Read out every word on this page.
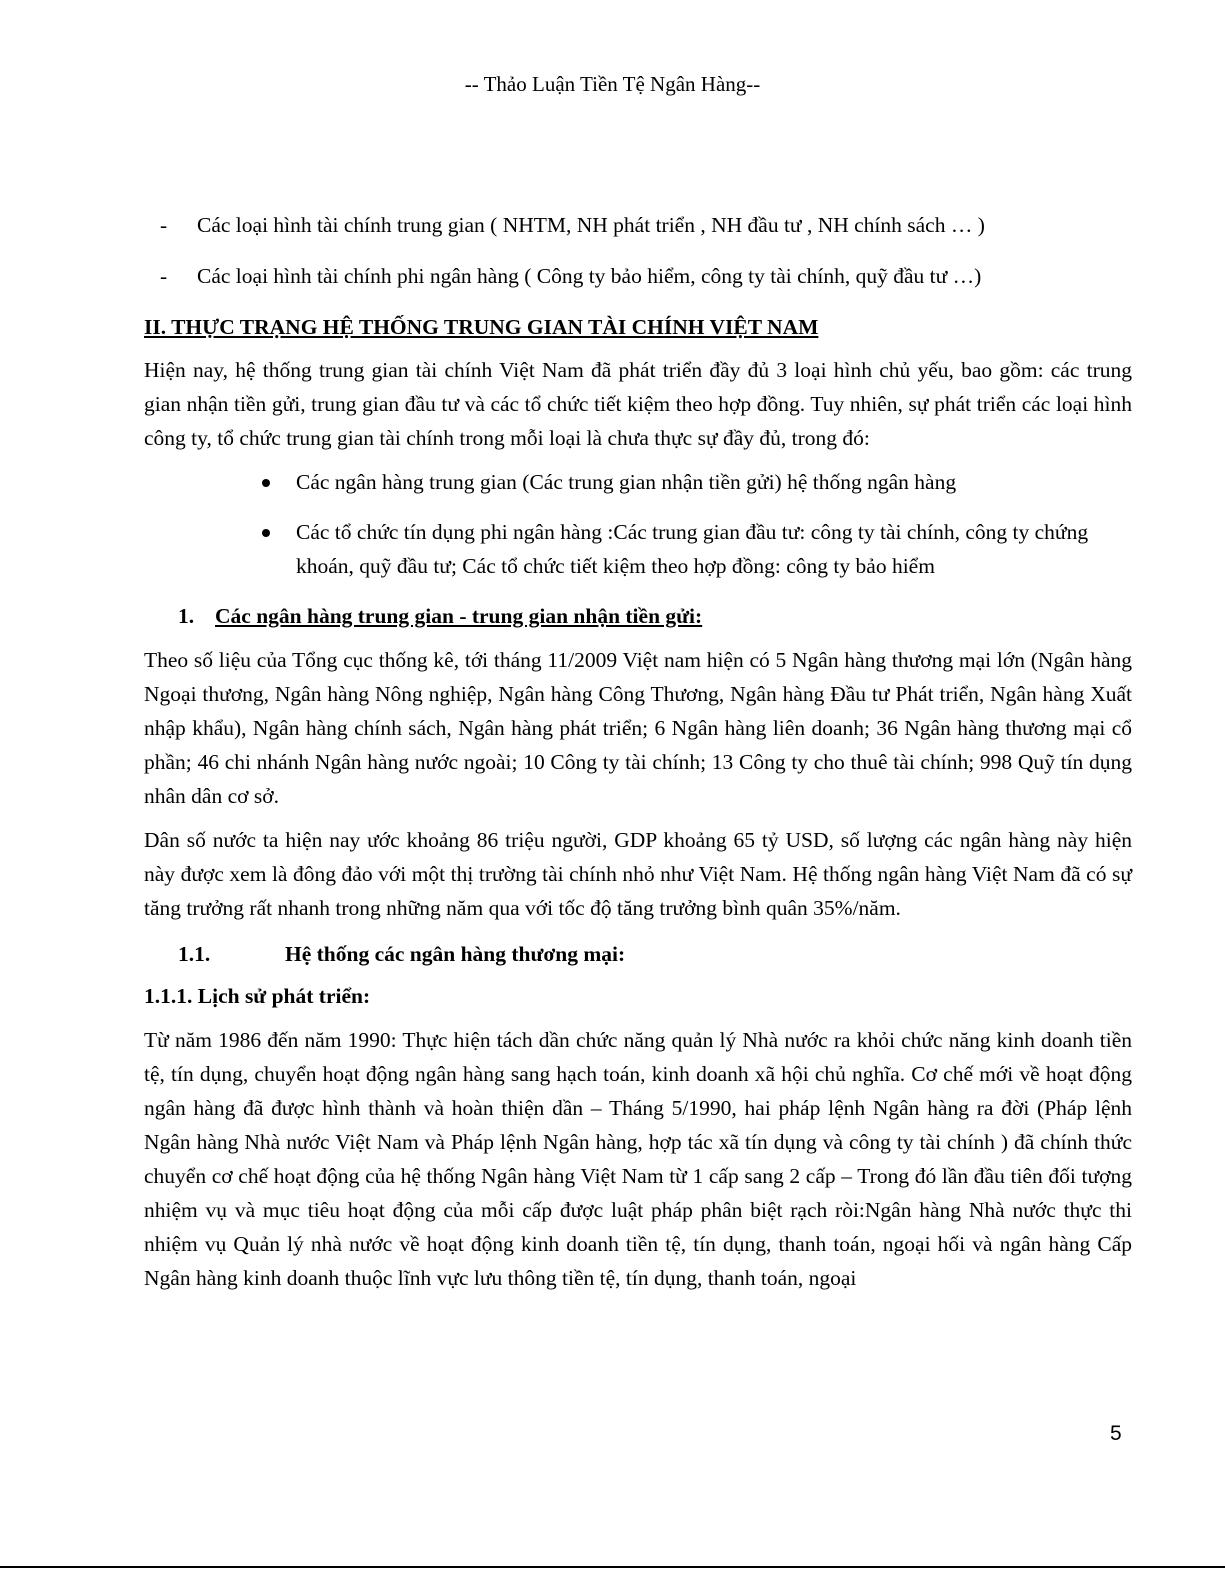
-- Thảo Luận Tiền Tệ Ngân Hàng--
- Các loại hình tài chính trung gian ( NHTM, NH phát triển , NH đầu tư , NH chính sách … )
- Các loại hình tài chính phi ngân hàng ( Công ty bảo hiểm, công ty tài chính, quỹ đầu tư …)
II. THỰC TRẠNG HỆ THỐNG TRUNG GIAN TÀI CHÍNH VIỆT NAM

Hiện nay, hệ thống trung gian tài chính Việt Nam đã phát triển đầy đủ 3 loại hình chủ yếu, bao gồm: các trung gian nhận tiền gửi, trung gian đầu tư và các tổ chức tiết kiệm theo hợp đồng. Tuy nhiên, sự phát triển các loại hình công ty, tổ chức trung gian tài chính trong mỗi loại là chưa thực sự đầy đủ, trong đó:

Các ngân hàng trung gian (Các trung gian nhận tiền gửi) hệ thống ngân hàng
Các tổ chức tín dụng phi ngân hàng :Các trung gian đầu tư: công ty tài chính, công ty chứng khoán, quỹ đầu tư; Các tổ chức tiết kiệm theo hợp đồng: công ty bảo hiểm
1. Các ngân hàng trung gian - trung gian nhận tiền gửi:

Theo số liệu của Tổng cục thống kê, tới tháng 11/2009 Việt nam hiện có 5 Ngân hàng thương mại lớn (Ngân hàng Ngoại thương, Ngân hàng Nông nghiệp, Ngân hàng Công Thương, Ngân hàng Đầu tư Phát triển, Ngân hàng Xuất nhập khẩu), Ngân hàng chính sách, Ngân hàng phát triển; 6 Ngân hàng liên doanh; 36 Ngân hàng thương mại cổ phần; 46 chi nhánh Ngân hàng nước ngoài; 10 Công ty tài chính; 13 Công ty cho thuê tài chính; 998 Quỹ tín dụng nhân dân cơ sở.

Dân số nước ta hiện nay ước khoảng 86 triệu người, GDP khoảng 65 tỷ USD, số lượng các ngân hàng này hiện này được xem là đông đảo với một thị trường tài chính nhỏ như Việt Nam. Hệ thống ngân hàng Việt Nam đã có sự tăng trưởng rất nhanh trong những năm qua với tốc độ tăng trưởng bình quân 35%/năm.

1.1.	Hệ thống các ngân hàng thương mại:
1.1.1. Lịch sử phát triển:

Từ năm 1986 đến năm 1990: Thực hiện tách dần chức năng quản lý Nhà nước ra khỏi chức năng kinh doanh tiền tệ, tín dụng, chuyển hoạt động ngân hàng sang hạch toán, kinh doanh xã hội chủ nghĩa. Cơ chế mới về hoạt động ngân hàng đã được hình thành và hoàn thiện dần – Tháng 5/1990, hai pháp lệnh Ngân hàng ra đời (Pháp lệnh Ngân hàng Nhà nước Việt Nam và Pháp lệnh Ngân hàng, hợp tác xã tín dụng và công ty tài chính ) đã chính thức chuyển cơ chế hoạt động của hệ thống Ngân hàng Việt Nam từ 1 cấp sang 2 cấp – Trong đó lần đầu tiên đối tượng nhiệm vụ và mục tiêu hoạt động của mỗi cấp được luật pháp phân biệt rạch ròi:Ngân hàng Nhà nước thực thi nhiệm vụ Quản lý nhà nước về hoạt động kinh doanh tiền tệ, tín dụng, thanh toán, ngoại hối và ngân hàng Cấp Ngân hàng kinh doanh thuộc lĩnh vực lưu thông tiền tệ, tín dụng, thanh toán, ngoại

5
